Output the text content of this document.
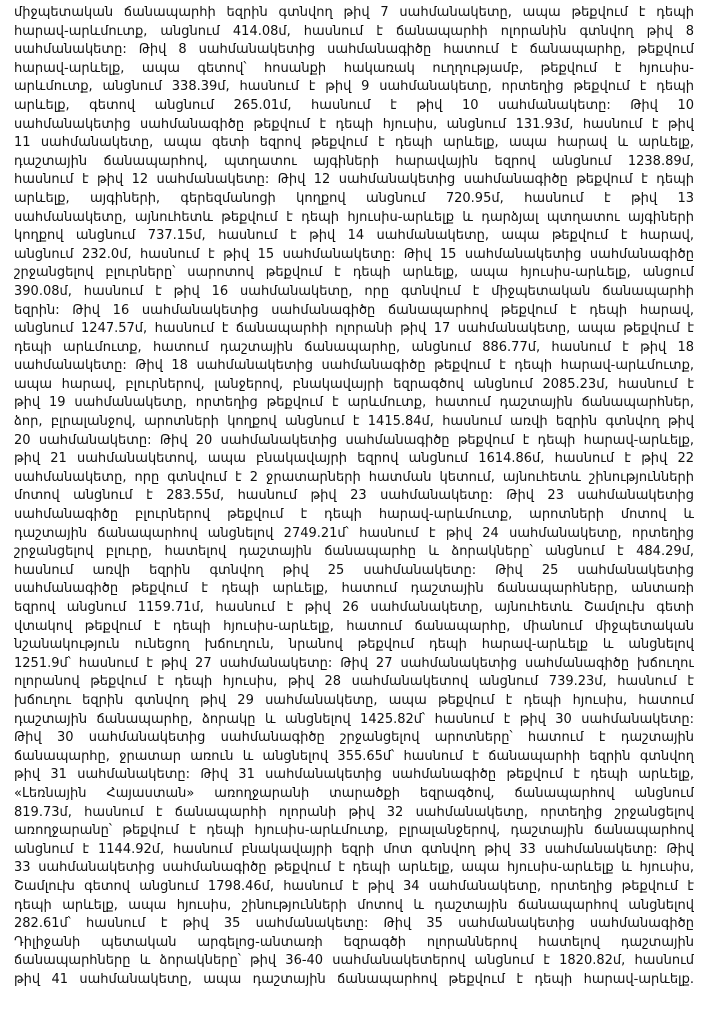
միջպետական ճանապարհի եզրին գտնվող թիվ 7 սահմանակետը, ապա թեքվում է դեպի
հարավ-արևմուտք, անցնում 414.08մ, հասնում է ճանապարհի ոլորանին գտնվող թիվ 8
սահմանակետը: Թիվ 8 սահմանակետից սահմանագիծը հատում է ճանապարհը, թեքվում
հարավ-արևելք, ապա գետով՝ հոսանքի հակառակ ուղղությամբ, թեքվում է հյուսիս-
արևմուտք, անցնում 338.39մ, հասնում է թիվ 9 սահմանակետը, որտեղից թեքվում է դեպի
արևելք, գետով անցնում 265.01մ, հասնում է թիվ 10 սահմանակետը: Թիվ 10
սահմանակետից սահմանագիծը թեքվում է դեպի հյուսիս, անցնում 131.93մ, հասնում է թիվ
11 սահմանակետը, ապա գետի եզրով թեքվում է դեպի արևելք, ապա հարավ և արևելք,
դաշտային ճանապարհով, պտղատու այգիների հարավային եզրով անցնում 1238.89մ,
հասնում է թիվ 12 սահմանակետը: Թիվ 12 սահմանակետից սահմանագիծը թեքվում է դեպի
արևելք, այգիների, գերեզմանոցի կողքով անցնում 720.95մ, հասնում է թիվ 13
սահմանակետը, այնուհետև թեքվում է դեպի հյուսիս-արևելք և դարձյալ պտղատու այգիների
կողքով անցնում 737.15մ, հասնում է թիվ 14 սահմանակետը, ապա թեքվում է հարավ,
անցնում 232.0մ, հասնում է թիվ 15 սահմանակետը: Թիվ 15 սահմանակետից սահմանագիծը
շրջանցելով բլուրները՝ սարոտով թեքվում է դեպի արևելք, ապա հյուսիս-արևելք, անցում
390.08մ, հասնում է թիվ 16 սահմանակետը, որը գտնվում է միջպետական ճանապարհի
եզրին: Թիվ 16 սահմանակետից սահմանագիծը ճանապարհով թեքվում է դեպի հարավ,
անցնում 1247.57մ, հասնում է ճանապարհի ոլորանի թիվ 17 սահմանակետը, ապա թեքվում է
դեպի արևմուտք, հատում դաշտային ճանապարհը, անցնում 886.77մ, հասնում է թիվ 18
սահմանակետը: Թիվ 18 սահմանակետից սահմանագիծը թեքվում է դեպի հարավ-արևմուտք,
ապա հարավ, բլուրներով, լանջերով, բնակավայրի եզրագծով անցնում 2085.23մ, հասնում է
թիվ 19 սահմանակետը, որտեղից թեքվում է արևմուտք, հատում դաշտային ճանապարհներ,
ձոր, բլրալանջով, արոտների կողքով անցնում է 1415.84մ, հասնում առվի եզրին գտնվող թիվ
20 սահմանակետը: Թիվ 20 սահմանակետից սահմանագիծը թեքվում է դեպի հարավ-արևելք,
թիվ 21 սահմանակետով, ապա բնակավայրի եզրով անցնում 1614.86մ, հասնում է թիվ 22
սահմանակետը, որը գտնվում է 2 ջրատարների հատման կետում, այնուհետև շինությունների
մոտով անցնում է 283.55մ, հասնում թիվ 23 սահմանակետը: Թիվ 23 սահմանակետից
սահմանագիծը բլուրներով թեքվում է դեպի հարավ-արևմուտք, արոտների մոտով և
դաշտային ճանապարհով անցնելով 2749.21մ՝ հասնում է թիվ 24 սահմանակետը, որտեղից
շրջանցելով բլուրը, հատելով դաշտային ճանապարհը և ձորակները՝ անցնում է 484.29մ,
հասնում առվի եզրին գտնվող թիվ 25 սահմանակետը: Թիվ 25 սահմանակետից
սահմանագիծը թեքվում է դեպի արևելք, հատում դաշտային ճանապարհները, անտառի
եզրով անցնում 1159.71մ, հասնում է թիվ 26 սահմանակետը, այնուհետև Շամլուխ գետի
վտակով թեքվում է դեպի հյուսիս-արևելք, հատում ճանապարհը, միանում միջպետական
նշանակություն ունեցող խճուղուն, նրանով թեքվում դեպի հարավ-արևելք և անցնելով
1251.9մ՝ հասնում է թիվ 27 սահմանակետը: Թիվ 27 սահմանակետից սահմանագիծը խճուղու
ոլորանով թեքվում է դեպի հյուսիս, թիվ 28 սահմանակետով անցնում 739.23մ, հասնում է
խճուղու եզրին գտնվող թիվ 29 սահմանակետը, ապա թեքվում է դեպի հյուսիս, հատում
դաշտային ճանապարհը, ձորակը և անցնելով 1425.82մ՝ հասնում է թիվ 30 սահմանակետը:
Թիվ 30 սահմանակետից սահմանագիծը շրջանցելով արոտները՝ հատում է դաշտային
ճանապարհը, ջրատար առուն և անցնելով 355.65մ՝ հասնում է ճանապարհի եզրին գտնվող
թիվ 31 սահմանակետը: Թիվ 31 սահմանակետից սահմանագիծը թեքվում է դեպի արևելք,
«Լեռնային Հայաստան» առողջարանի տարածքի եզրագծով, ճանապարհով անցնում
819.73մ, հասնում է ճանապարհի ոլորանի թիվ 32 սահմանակետը, որտեղից շրջանցելով
առողջարանը՝ թեքվում է դեպի հյուսիս-արևմուտք, բլրալանջերով, դաշտային ճանապարհով
անցնում է 1144.92մ, հասնում բնակավայրի եզրի մոտ գտնվող թիվ 33 սահմանակետը: Թիվ
33 սահմանակետից սահմանագիծը թեքվում է դեպի արևելք, ապա հյուսիս-արևելք և հյուսիս,
Շամլուխ գետով անցնում 1798.46մ, հասնում է թիվ 34 սահմանակետը, որտեղից թեքվում է
դեպի արևելք, ապա հյուսիս, շինությունների մոտով և դաշտային ճանապարհով անցնելով
282.61մ՝ հասնում է թիվ 35 սահմանակետը: Թիվ 35 սահմանակետից սահմանագիծը
Դիլիջանի պետական արգելոց-անտառի եզրագծի ոլորաններով հատելով դաշտային
ճանապարհները և ձորակները՝ թիվ 36-40 սահմանակետերով անցնում է 1820.82մ, հասնում
թիվ 41 սահմանակետը, ապա դաշտային ճանապարհով թեքվում է դեպի հարավ-արևելք.
